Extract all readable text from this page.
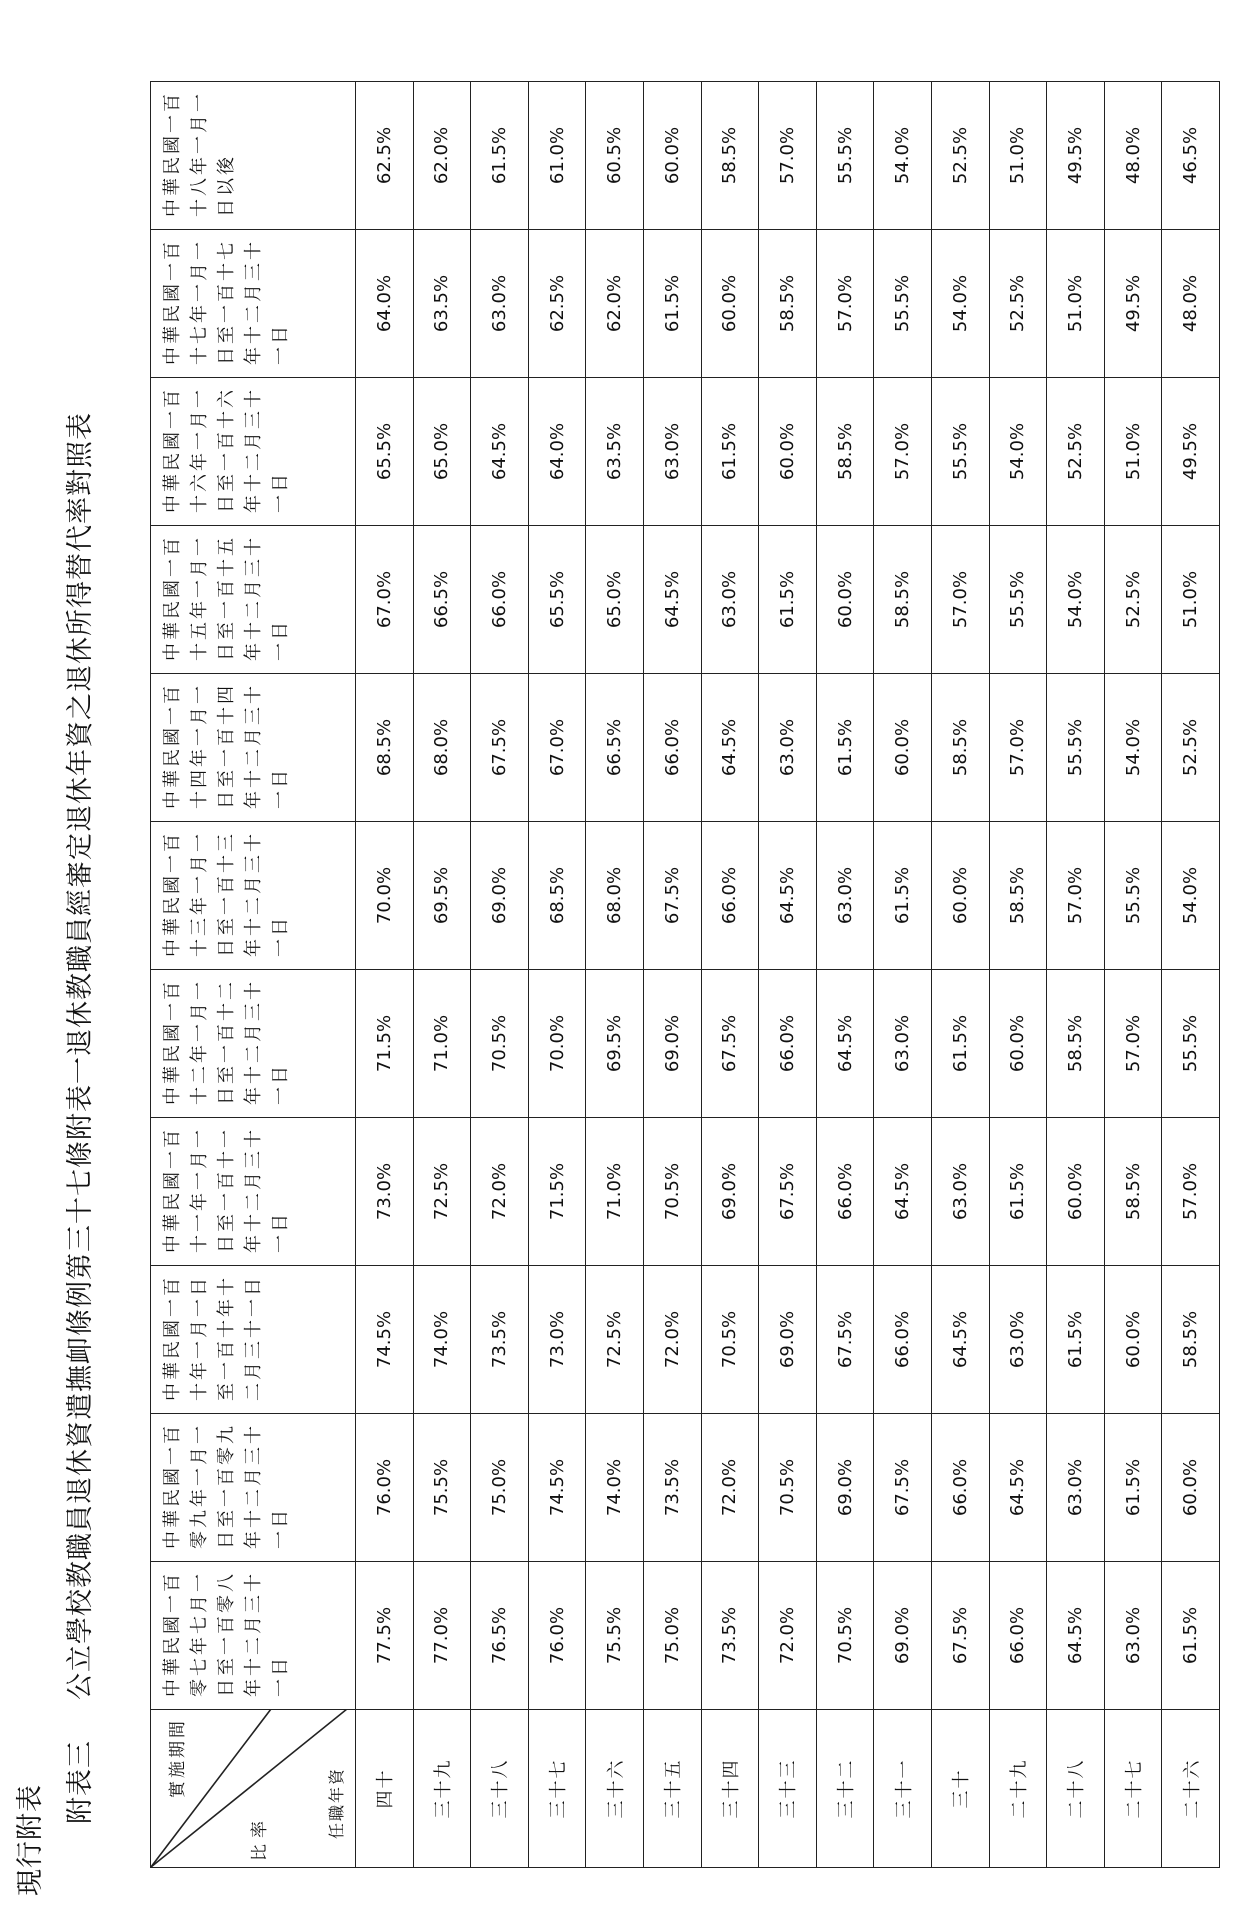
現行附表
附表三公立學校教職員退休資遣撫卹條例第三十七條附表一退休教職員經審定退休年資之退休所得替代率對照表
實施期間
比率 任職年資	中華民國一百零七年七月一日至一百零八年十二月三十一日	中華民國一百零九年一月一日至一百零九年十二月三十一日	中華民國一百十年一月一日至一百十年十二月三十一日	中華民國一百十一年一月一日至一百十一年十二月三十一日	中華民國一百十二年一月一日至一百十二年十二月三十一日	中華民國一百十三年一月一日至一百十三年十二月三十一日	中華民國一百十四年一月一日至一百十四年十二月三十一日	中華民國一百十五年一月一日至一百十五年十二月三十一日	中華民國一百十六年一月一日至一百十六年十二月三十一日	中華民國一百十七年一月一日至一百十七年十二月三十一日	中華民國一百十八年一月一日以後
四十	77.5%	76.0%	74.5%	73.0%	71.5%	70.0%	68.5%	67.0%	65.5%	64.0%	62.5%
三十九	77.0%	75.5%	74.0%	72.5%	71.0%	69.5%	68.0%	66.5%	65.0%	63.5%	62.0%
三十八	76.5%	75.0%	73.5%	72.0%	70.5%	69.0%	67.5%	66.0%	64.5%	63.0%	61.5%
三十七	76.0%	74.5%	73.0%	71.5%	70.0%	68.5%	67.0%	65.5%	64.0%	62.5%	61.0%
三十六	75.5%	74.0%	72.5%	71.0%	69.5%	68.0%	66.5%	65.0%	63.5%	62.0%	60.5%
三十五	75.0%	73.5%	72.0%	70.5%	69.0%	67.5%	66.0%	64.5%	63.0%	61.5%	60.0%
三十四	73.5%	72.0%	70.5%	69.0%	67.5%	66.0%	64.5%	63.0%	61.5%	60.0%	58.5%
三十三	72.0%	70.5%	69.0%	67.5%	66.0%	64.5%	63.0%	61.5%	60.0%	58.5%	57.0%
三十二	70.5%	69.0%	67.5%	66.0%	64.5%	63.0%	61.5%	60.0%	58.5%	57.0%	55.5%
三十一	69.0%	67.5%	66.0%	64.5%	63.0%	61.5%	60.0%	58.5%	57.0%	55.5%	54.0%
三十	67.5%	66.0%	64.5%	63.0%	61.5%	60.0%	58.5%	57.0%	55.5%	54.0%	52.5%
二十九	66.0%	64.5%	63.0%	61.5%	60.0%	58.5%	57.0%	55.5%	54.0%	52.5%	51.0%
二十八	64.5%	63.0%	61.5%	60.0%	58.5%	57.0%	55.5%	54.0%	52.5%	51.0%	49.5%
二十七	63.0%	61.5%	60.0%	58.5%	57.0%	55.5%	54.0%	52.5%	51.0%	49.5%	48.0%
二十六	61.5%	60.0%	58.5%	57.0%	55.5%	54.0%	52.5%	51.0%	49.5%	48.0%	46.5%
